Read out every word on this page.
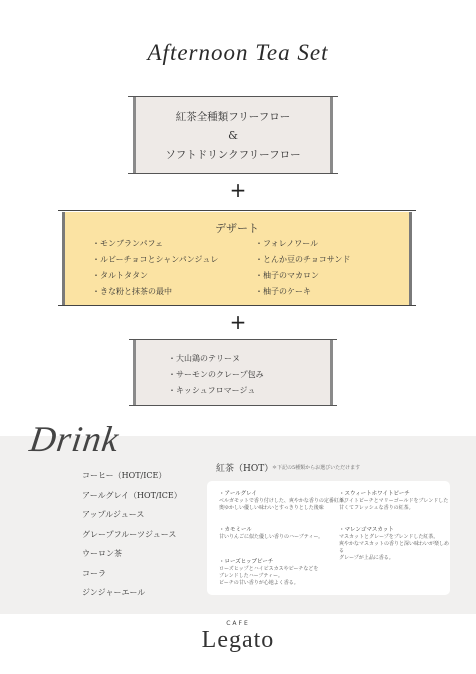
Afternoon Tea Set
紅茶全種類フリーフロー
&
ソフトドリンクフリーフロー
+
デザート
・モンブランパフェ
・ルビーチョコとシャンパンジュレ
・タルトタタン
・きな粉と抹茶の最中
・フォレノワール
・とんか豆のチョコサンド
・柚子のマカロン
・柚子のケーキ
+
・大山鶏のテリーヌ
・サーモンのクレープ包み
・キッシュフロマージュ
Drink
コーヒー（HOT/ICE）
アールグレイ（HOT/ICE）
アップルジュース
グレープフルーツジュース
ウーロン茶
コーラ
ジンジャーエール
紅茶（HOT）
＊下記の5種類からお選びいただけます
・アールグレイ
ベルガモットで香り付けした、爽やかな香りの定番紅茶。
奥ゆかしい優しい味わいとすっきりとした後味
・スウィートホワイトピーチ
ホワイトピーチとマリーゴールドをブレンドした
甘くてフレッシュな香りの紅茶。
・カモミール
甘いりんごに似た優しい香りのハーブティー。
・マレンゴマスカット
マスカットとグレープをブレンドした紅茶。
爽やかなマスカットの香りと深い味わいが楽しめる
グレープが上品に香る。
・ローズヒップピーチ
ローズヒップとハイビスカスやピーチなどを
ブレンドしたハーブティー。
ピーチの甘い香りが心地よく香る。
CAFE
Legato
